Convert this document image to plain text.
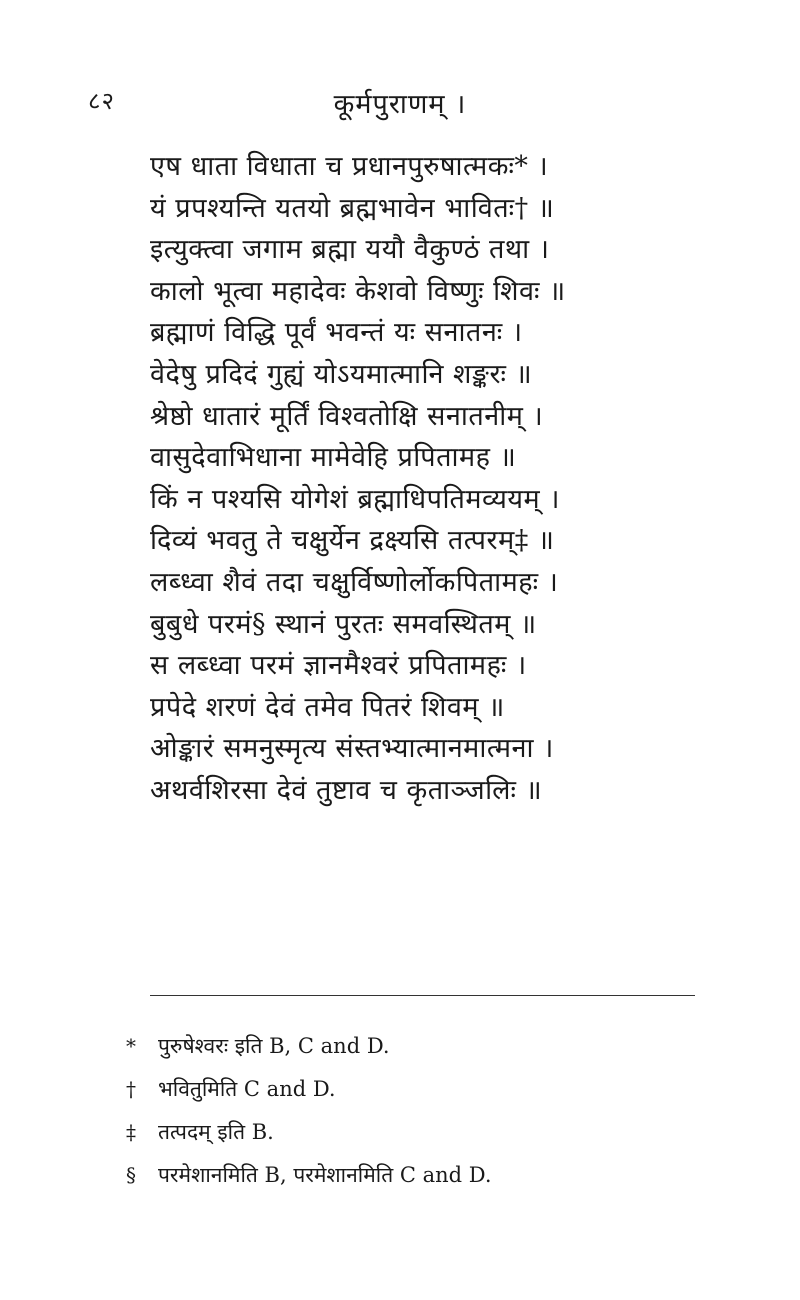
८२	कूर्मपुराणम् ।
एष धाता विधाता च प्रधानपुरुषात्मकः* ।
यं प्रपश्यन्ति यतयो ब्रह्मभावेन भावितः† ॥
इत्युक्त्वा जगाम ब्रह्मा ययौ वैकुण्ठं तथा ।
कालो भूत्वा महादेवः केशवो विष्णुः शिवः ॥
ब्रह्माणं विद्धि पूर्वं भवन्तं यः सनातनः ।
वेदेषु प्रदिदं गुह्यं योऽयमात्मानि शङ्करः ॥
श्रेष्ठो धातारं मूर्तिं विश्वतोक्षि सनातनीम् ।
वासुदेवाभिधाना मामेवेहि प्रपितामह ॥
किं न पश्यसि योगेशं ब्रह्माधिपतिमव्ययम् ।
दिव्यं भवतु ते चक्षुर्येन द्रक्ष्यसि तत्परम्‡ ॥
लब्ध्वा शैवं तदा चक्षुर्विष्णोर्लोकपितामहः ।
बुबुधे परमं§ स्थानं पुरतः समवस्थितम् ॥
स लब्ध्वा परमं ज्ञानमैश्वरं प्रपितामहः ।
प्रपेदे शरणं देवं तमेव पितरं शिवम् ॥
ओङ्कारं समनुस्मृत्य संस्तभ्यात्मानमात्मना ।
अथर्वशिरसा देवं तुष्टाव च कृताञ्जलिः ॥
* पुरुषेश्वरः इति B, C and D.
† भवितुमिति C and D.
‡ तत्पदम् इति B.
§ परमेशानमिति B, परमेशानमिति C and D.
